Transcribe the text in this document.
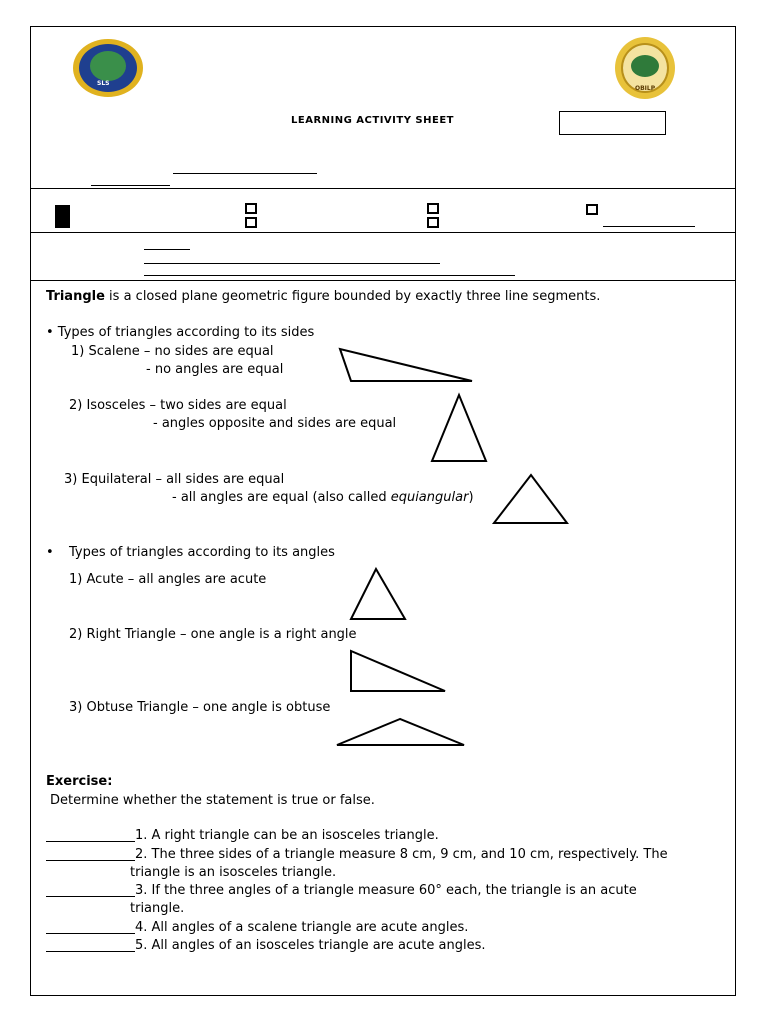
SLS
OBILP
LEARNING ACTIVITY SHEET
Triangle is a closed plane geometric figure bounded by exactly three line segments.
• Types of triangles according to its sides
1) Scalene – no sides are equal
- no angles are equal
2) Isosceles – two sides are equal
- angles opposite and sides are equal
3) Equilateral – all sides are equal
- all angles are equal (also called equiangular)
• Types of triangles according to its angles
1) Acute – all angles are acute
2) Right Triangle – one angle is a right angle
3) Obtuse Triangle – one angle is obtuse
Exercise:
Determine whether the statement is true or false.
1. A right triangle can be an isosceles triangle.
2. The three sides of a triangle measure 8 cm, 9 cm, and 10 cm, respectively. The
triangle is an isosceles triangle.
3. If the three angles of a triangle measure 60° each, the triangle is an acute
triangle.
4. All angles of a scalene triangle are acute angles.
5. All angles of an isosceles triangle are acute angles.
